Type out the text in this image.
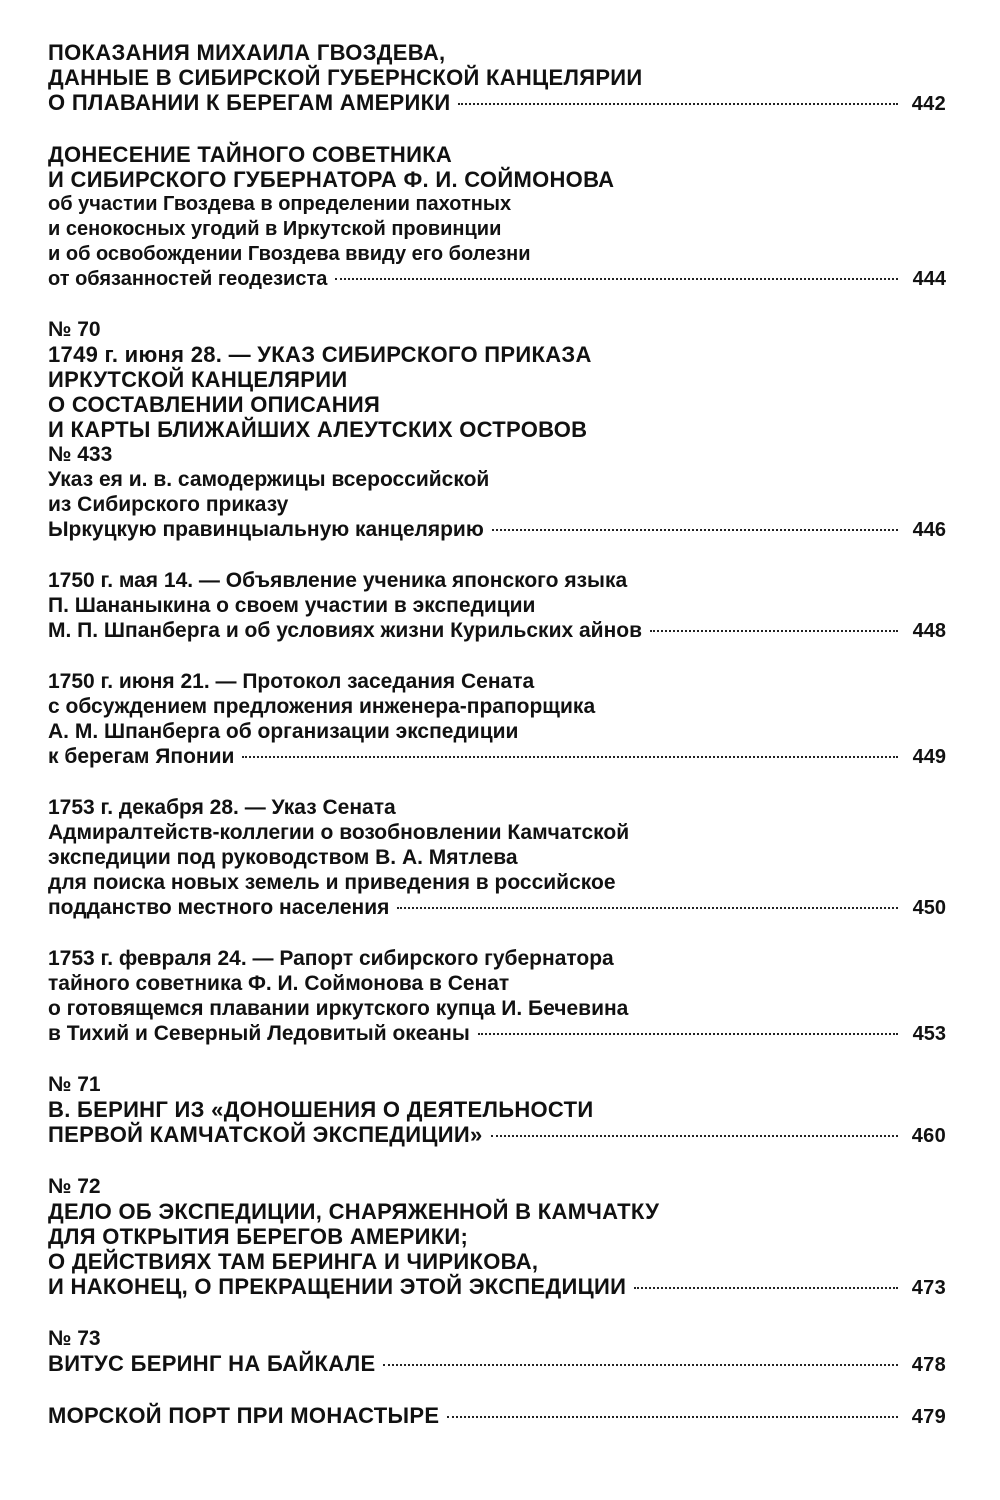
ПОКАЗАНИЯ МИХАИЛА ГВОЗДЕВА,
ДАННЫЕ В СИБИРСКОЙ ГУБЕРНСКОЙ КАНЦЕЛЯРИИ
О ПЛАВАНИИ К БЕРЕГАМ АМЕРИКИ	442
ДОНЕСЕНИЕ ТАЙНОГО СОВЕТНИКА
И СИБИРСКОГО ГУБЕРНАТОРА Ф. И. СОЙМОНОВА
об участии Гвоздева в определении пахотных
и сенокосных угодий в Иркутской провинции
и об освобождении Гвоздева ввиду его болезни
от обязанностей геодезиста	444
№ 70
1749 г. июня 28. — УКАЗ СИБИРСКОГО ПРИКАЗА
ИРКУТСКОЙ КАНЦЕЛЯРИИ
О СОСТАВЛЕНИИ ОПИСАНИЯ
И КАРТЫ БЛИЖАЙШИХ АЛЕУТСКИХ ОСТРОВОВ
№ 433
Указ ея и. в. самодержицы всероссийской
из Сибирского приказу
Ыркуцкую правинцыальную канцелярию	446
1750 г. мая 14. — Объявление ученика японского языка
П. Шананыкина о своем участии в экспедиции
М. П. Шпанберга и об условиях жизни Курильских айнов	448
1750 г. июня 21. — Протокол заседания Сената
с обсуждением предложения инженера-прапорщика
А. М. Шпанберга об организации экспедиции
к берегам Японии	449
1753 г. декабря 28. — Указ Сената
Адмиралтейств-коллегии о возобновлении Камчатской
экспедиции под руководством В. А. Мятлева
для поиска новых земель и приведения в российское
подданство местного населения	450
1753 г. февраля 24. — Рапорт сибирского губернатора
тайного советника Ф. И. Соймонова в Сенат
о готовящемся плавании иркутского купца И. Бечевина
в Тихий и Северный Ледовитый океаны	453
№ 71
В. БЕРИНГ ИЗ «ДОНОШЕНИЯ О ДЕЯТЕЛЬНОСТИ
ПЕРВОЙ КАМЧАТСКОЙ ЭКСПЕДИЦИИ»	460
№ 72
ДЕЛО ОБ ЭКСПЕДИЦИИ, СНАРЯЖЕННОЙ В КАМЧАТКУ
ДЛЯ ОТКРЫТИЯ БЕРЕГОВ АМЕРИКИ;
О ДЕЙСТВИЯХ ТАМ БЕРИНГА И ЧИРИКОВА,
И НАКОНЕЦ, О ПРЕКРАЩЕНИИ ЭТОЙ ЭКСПЕДИЦИИ	473
№ 73
ВИТУС БЕРИНГ НА БАЙКАЛЕ	478
МОРСКОЙ ПОРТ ПРИ МОНАСТЫРЕ	479
